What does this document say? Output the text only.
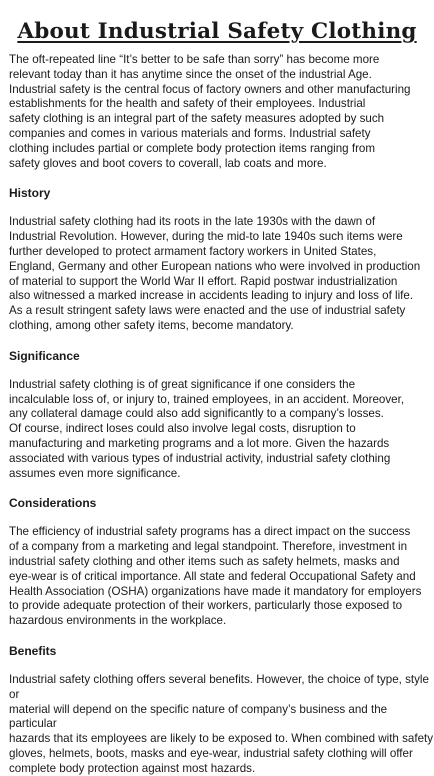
About Industrial Safety Clothing

The oft-repeated line “It’s better to be safe than sorry” has become more
relevant today than it has anytime since the onset of the industrial Age.
Industrial safety is the central focus of factory owners and other manufacturing
establishments for the health and safety of their employees. Industrial
safety clothing is an integral part of the safety measures adopted by such
companies and comes in various materials and forms. Industrial safety
clothing includes partial or complete body protection items ranging from
safety gloves and boot covers to coverall, lab coats and more.

History

Industrial safety clothing had its roots in the late 1930s with the dawn of
Industrial Revolution. However, during the mid-to late 1940s such items were
further developed to protect armament factory workers in United States,
England, Germany and other European nations who were involved in production
of material to support the World War II effort. Rapid postwar industrialization
also witnessed a marked increase in accidents leading to injury and loss of life.
As a result stringent safety laws were enacted and the use of industrial safety
clothing, among other safety items, become mandatory.

Significance

Industrial safety clothing is of great significance if one considers the
incalculable loss of, or injury to, trained employees, in an accident. Moreover,
any collateral damage could also add significantly to a company’s losses.
Of course, indirect loses could also involve legal costs, disruption to
manufacturing and marketing programs and a lot more. Given the hazards
associated with various types of industrial activity, industrial safety clothing
assumes even more significance.

Considerations

The efficiency of industrial safety programs has a direct impact on the success
of a company from a marketing and legal standpoint. Therefore, investment in
industrial safety clothing and other items such as safety helmets, masks and
eye-wear is of critical importance. All state and federal Occupational Safety and
Health Association (OSHA) organizations have made it mandatory for employers
to provide adequate protection of their workers, particularly those exposed to
hazardous environments in the workplace.

Benefits

Industrial safety clothing offers several benefits. However, the choice of type, style or
material will depend on the specific nature of company’s business and the particular
hazards that its employees are likely to be exposed to. When combined with safety
gloves, helmets, boots, masks and eye-wear, industrial safety clothing will offer
complete body protection against most hazards.
